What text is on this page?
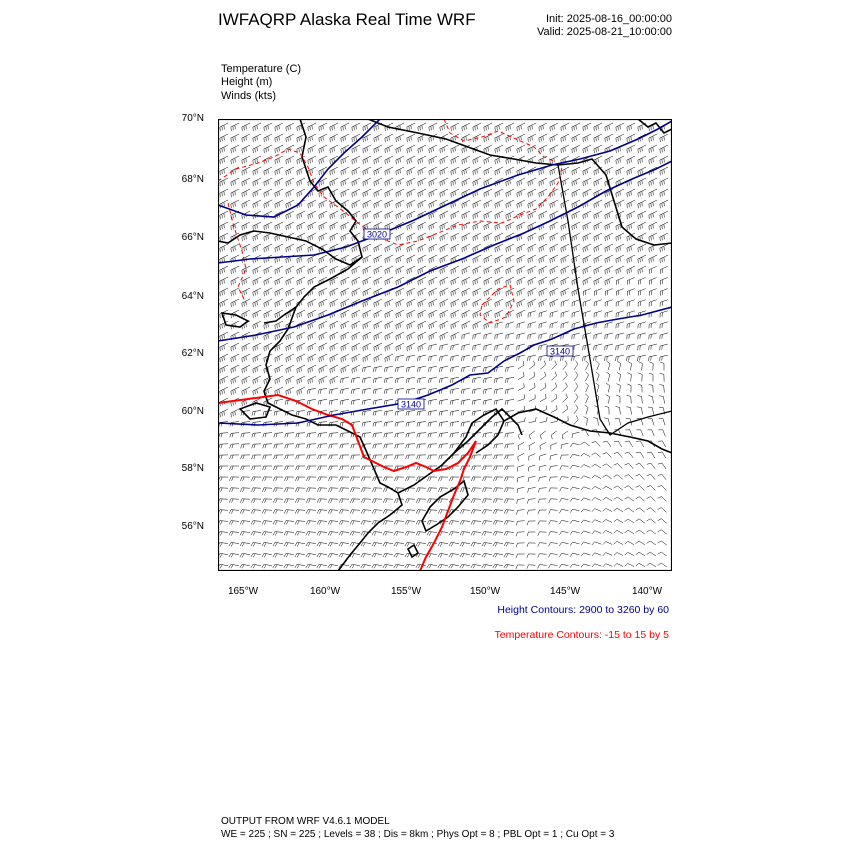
IWFAQRP Alaska Real Time WRF	Init: 2025-08-16_00:00:00
Valid: 2025-08-21_10:00:00
Temperature (C)
Height (m)
Winds (kts)
70°N
68°N
66°N
64°N
62°N
60°N
58°N
56°N
165°W	160°W	155°W	150°W	145°W	140°W
3020
3140
3140
Height Contours: 2900 to 3260 by 60
Temperature Contours: -15 to 15 by 5
OUTPUT FROM WRF V4.6.1 MODEL
WE = 225 ; SN = 225 ; Levels = 38 ; Dis = 8km ; Phys Opt = 8 ; PBL Opt = 1 ; Cu Opt = 3
